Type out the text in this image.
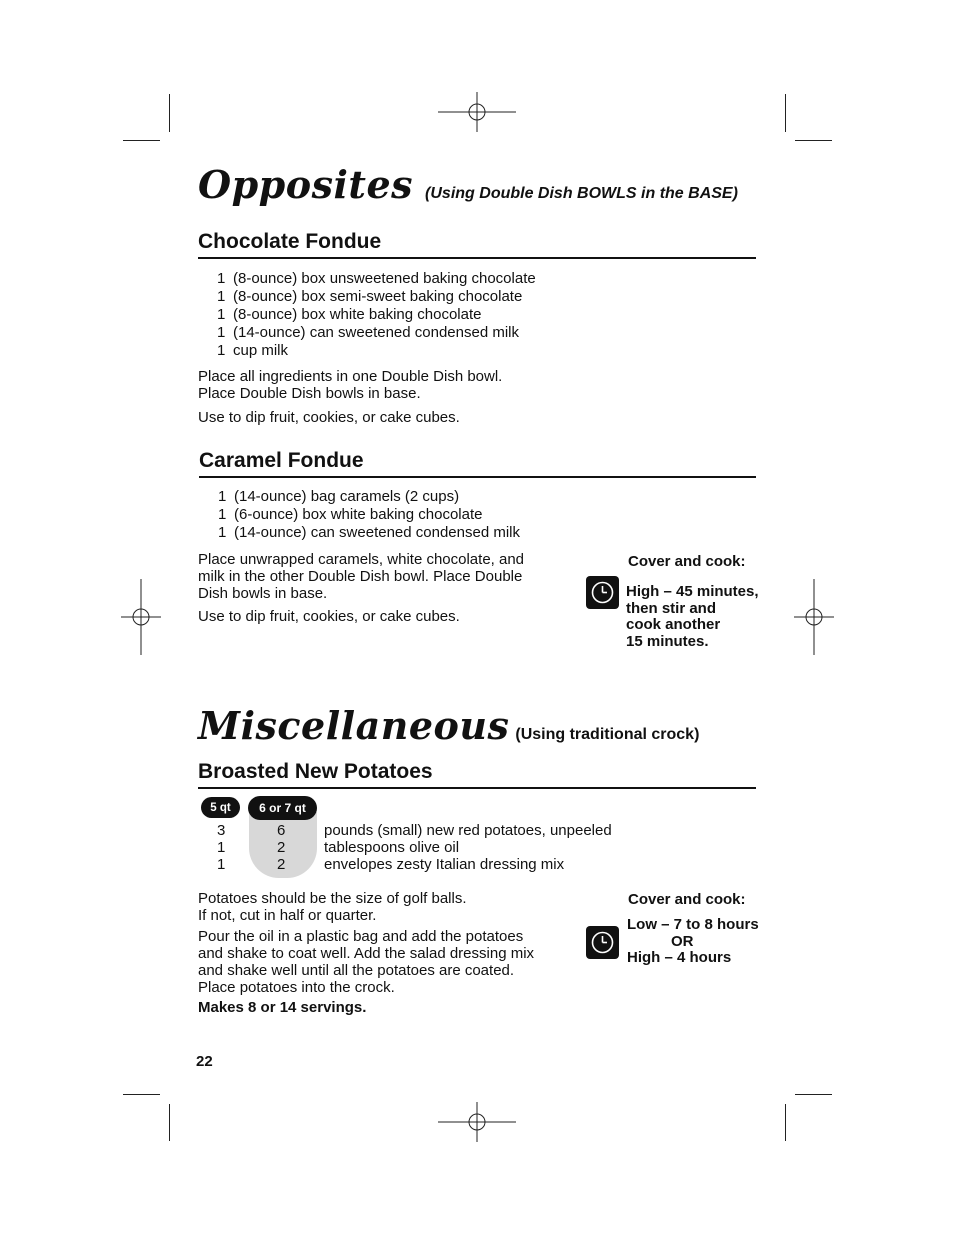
Opposites (Using Double Dish BOWLS in the BASE)
Chocolate Fondue
1 (8-ounce) box unsweetened baking chocolate
1 (8-ounce) box semi-sweet baking chocolate
1 (8-ounce) box white baking chocolate
1 (14-ounce) can sweetened condensed milk
1 cup milk
Place all ingredients in one Double Dish bowl.
Place Double Dish bowls in base.
Use to dip fruit, cookies, or cake cubes.
Caramel Fondue
1 (14-ounce) bag caramels (2 cups)
1 (6-ounce) box white baking chocolate
1 (14-ounce) can sweetened condensed milk
Place unwrapped caramels, white chocolate, and
milk in the other Double Dish bowl. Place Double
Dish bowls in base.
Use to dip fruit, cookies, or cake cubes.
Cover and cook:
High – 45 minutes,
then stir and
cook another
15 minutes.
Miscellaneous (Using traditional crock)
Broasted New Potatoes
5 qt	6 or 7 qt
3	6	pounds (small) new red potatoes, unpeeled
1	2	tablespoons olive oil
1	2	envelopes zesty Italian dressing mix
Potatoes should be the size of golf balls.
If not, cut in half or quarter.
Pour the oil in a plastic bag and add the potatoes
and shake to coat well. Add the salad dressing mix
and shake well until all the potatoes are coated.
Place potatoes into the crock.
Makes 8 or 14 servings.
Cover and cook:
Low – 7 to 8 hours
OR
High – 4 hours
22
